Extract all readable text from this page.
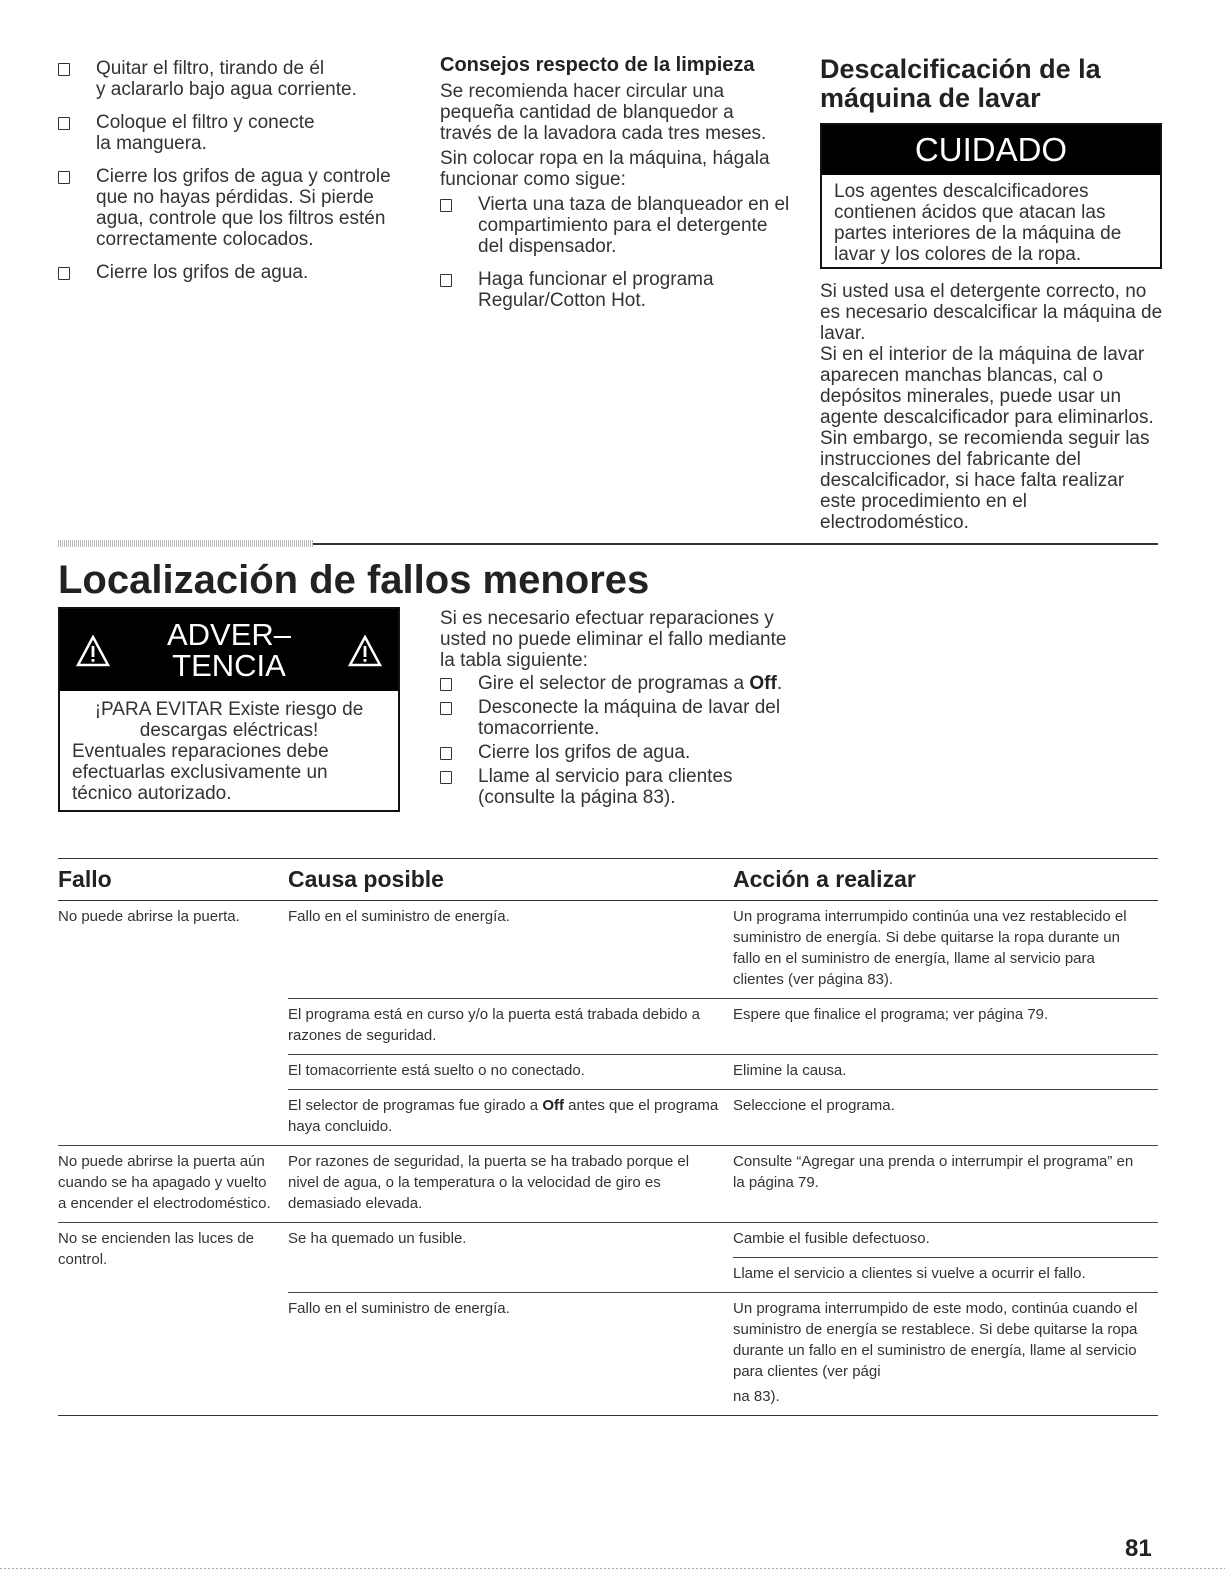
Quitar el filtro, tirando de él
y aclararlo bajo agua corriente.
Coloque el filtro y conecte
la manguera.
Cierre los grifos de agua y controle que no hayas pérdidas. Si pierde agua, controle que los filtros estén correctamente colocados.
Cierre los grifos de agua.
Consejos respecto de la limpieza

Se recomienda hacer circular una pequeña cantidad de blanquedor a través de la lavadora cada tres meses.

Sin colocar ropa en la máquina, hágala funcionar como sigue:

Vierta una taza de blanqueador en el compartimiento para el detergente del dispensador.
Haga funcionar el programa Regular/Cotton Hot.
Descalcificación de la máquina de lavar
CUIDADO
Los agentes descalcificadores contienen ácidos que atacan las partes interiores de la máquina de lavar y los colores de la ropa.

Si usted usa el detergente correcto, no es necesario descalcificar la máquina de lavar.

Si en el interior de la máquina de lavar aparecen manchas blancas, cal o depósitos minerales, puede usar un agente descalcificador para eliminarlos.

Sin embargo, se recomienda seguir las instrucciones del fabricante del descalcificador, si hace falta realizar este procedimiento en el electrodoméstico.

Localización de fallos menores
ADVER–
TENCIA
¡PARA EVITAR Existe riesgo de descargas eléctricas!
Eventuales reparaciones debe efectuarlas exclusivamente un técnico autorizado.

Si es necesario efectuar reparaciones y usted no puede eliminar el fallo mediante la tabla siguiente:

Gire el selector de programas a Off.
Desconecte la máquina de lavar del tomacorriente.
Cierre los grifos de agua.
Llame al servicio para clientes (consulte la página 83).
Fallo	Causa posible	Acción a realizar
No puede abrirse la puerta.	Fallo en el suministro de energía.	Un programa interrumpido continúa una vez restablecido el suministro de energía. Si debe quitarse la ropa durante un fallo en el suministro de energía, llame al servicio para clientes (ver página 83).
	El programa está en curso y/o la puerta está trabada debido a razones de seguridad.	Espere que finalice el programa; ver página 79.
	El tomacorriente está suelto o no conectado.	Elimine la causa.
	El selector de programas fue girado a Off antes que el programa haya concluido.	Seleccione el programa.
No puede abrirse la puerta aún cuando se ha apagado y vuelto a encender el electrodoméstico.	Por razones de seguridad, la puerta se ha trabado porque el nivel de agua, o la temperatura o la velocidad de giro es demasiado elevada.	Consulte “Agregar una prenda o interrumpir el programa” en la página 79.
No se encienden las luces de control.	Se ha quemado un fusible.	Cambie el fusible defectuoso.
		Llame el servicio a clientes si vuelve a ocurrir el fallo.
	Fallo en el suministro de energía.	Un programa interrumpido de este modo, continúa cuando el suministro de energía se restablece. Si debe quitarse la ropa durante un fallo en el suministro de energía, llame al servicio para clientes (ver pági
na 83).

81
